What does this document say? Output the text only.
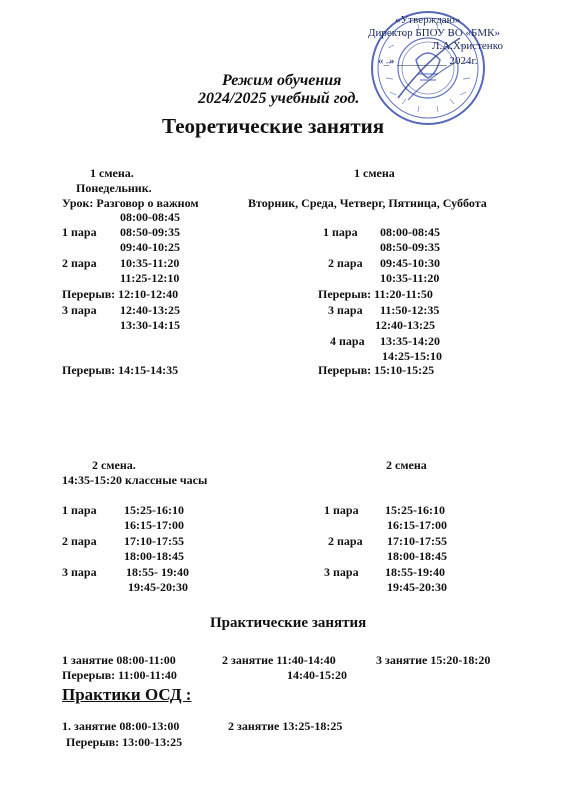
«Утверждаю»
Директор БПОУ ВО «БМК»
Л.А.Христенко
«_» _________ 2024г.
Режим обучения
2024/2025 учебный год.
Теоретические занятия
1 смена.
Понедельник.
Урок: Разговор о важном
08:00-08:45
1 пара 08:50-09:35
09:40-10:25
2 пара 10:35-11:20
11:25-12:10
Перерыв: 12:10-12:40
3 пара 12:40-13:25
13:30-14:15
Перерыв: 14:15-14:35
1 смена
Вторник, Среда, Четверг, Пятница, Суббота
1 пара 08:00-08:45
08:50-09:35
2 пара 09:45-10:30
10:35-11:20
Перерыв: 11:20-11:50
3 пара 11:50-12:35
12:40-13:25
4 пара 13:35-14:20
14:25-15:10
Перерыв: 15:10-15:25
2 смена.
14:35-15:20 классные часы
1 пара 15:25-16:10
16:15-17:00
2 пара 17:10-17:55
18:00-18:45
3 пара 18:55- 19:40
19:45-20:30
2 смена
1 пара 15:25-16:10
16:15-17:00
2 пара 17:10-17:55
18:00-18:45
3 пара 18:55-19:40
19:45-20:30
Практические занятия
1 занятие 08:00-11:00	2 занятие 11:40-14:40	3 занятие 15:20-18:20
Перерыв: 11:00-11:40	14:40-15:20
Практики ОСД :
1. занятие 08:00-13:00	2 занятие 13:25-18:25
Перерыв: 13:00-13:25
